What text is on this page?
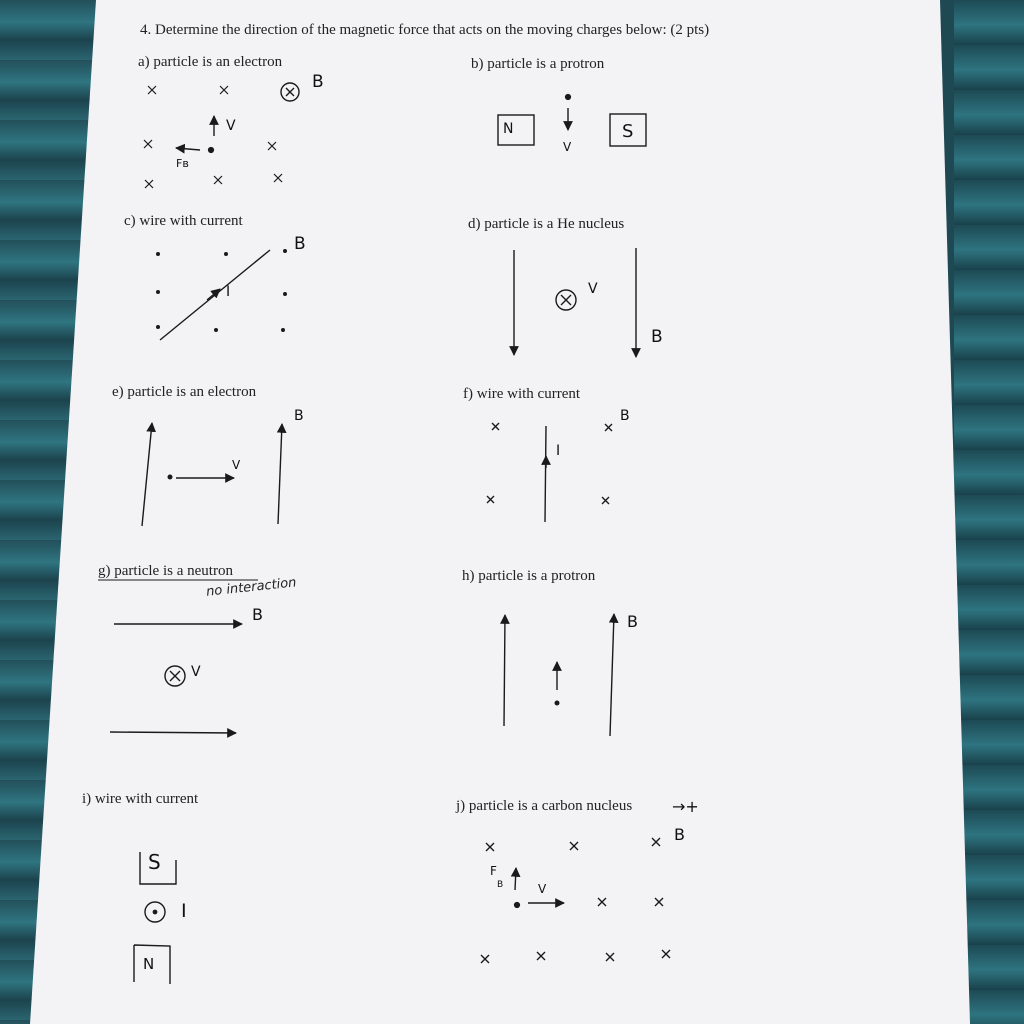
4. Determine the direction of the magnetic force that acts on the moving charges below: (2 pts)
a) particle is an electron	b) particle is a protron
c) wire with current	d) particle is a He nucleus
e) particle is an electron	f) wire with current
g) particle is a neutron	h) particle is a protron
i) wire with current	j) particle is a carbon nucleus
no interaction
→+
B
V
Fʙ
N	S
V
B
I	V
B
B
V
B
I
B
V
B
S
I
N
B
V
F
B
